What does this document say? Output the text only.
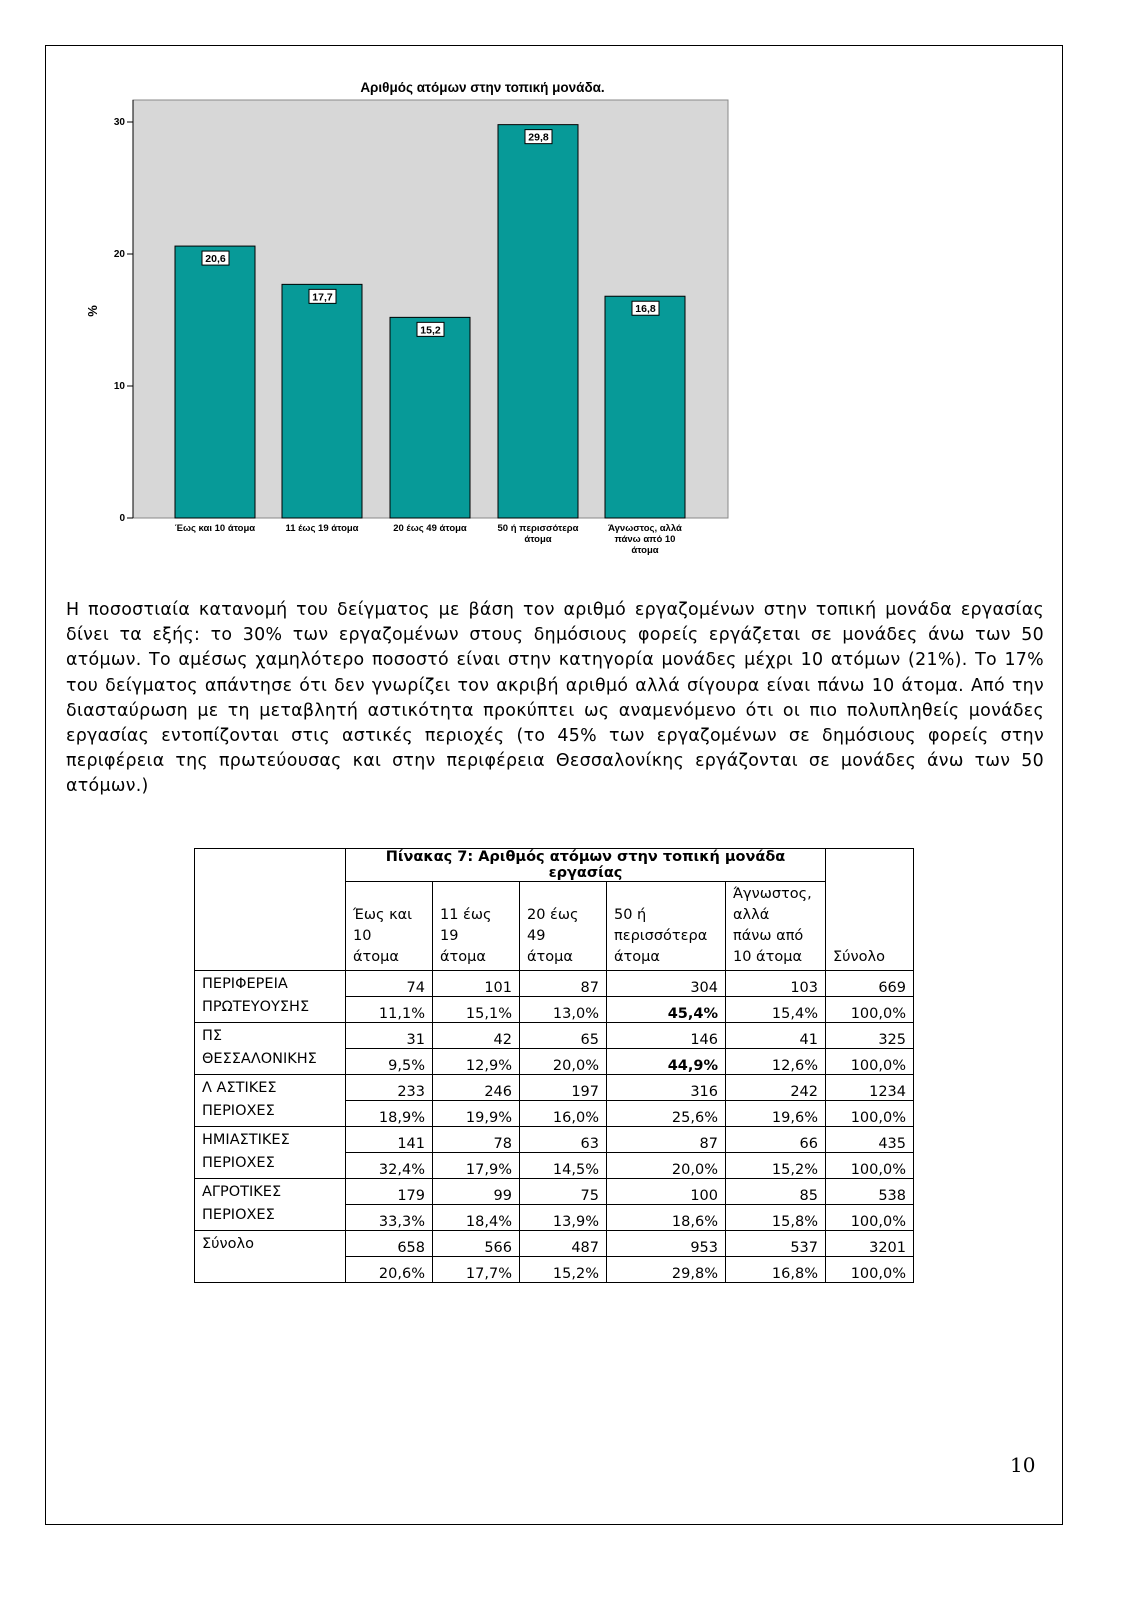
Αριθμός ατόμων στην τοπική μονάδα.
0
10
20
30
%
20,6
Έως και 10 άτομα
17,7
11 έως 19 άτομα
15,2
20 έως 49 άτομα
29,8
50 ή περισσότερα
άτομα
16,8
Άγνωστος, αλλά
πάνω από 10
άτομα
Η ποσοστιαία κατανομή του δείγματος με βάση τον αριθμό εργαζομένων στην τοπική μονάδα εργασίας δίνει τα εξής: το 30% των εργαζομένων στους δημόσιους φορείς εργάζεται σε μονάδες άνω των 50 ατόμων. Το αμέσως χαμηλότερο ποσοστό είναι στην κατηγορία μονάδες μέχρι 10 ατόμων (21%). Το 17% του δείγματος απάντησε ότι δεν γνωρίζει τον ακριβή αριθμό αλλά σίγουρα είναι πάνω 10 άτομα. Από την διασταύρωση με τη μεταβλητή αστικότητα προκύπτει ως αναμενόμενο ότι οι πιο πολυπληθείς μονάδες εργασίας εντοπίζονται στις αστικές περιοχές (το 45% των εργαζομένων σε δημόσιους φορείς στην περιφέρεια της πρωτεύουσας και στην περιφέρεια Θεσσαλονίκης εργάζονται σε μονάδες άνω των 50 ατόμων.)
	Πίνακας 7: Αριθμός ατόμων στην τοπική μονάδα εργασίας					Σύνολο
	Έως και
10
άτομα	11 έως
19
άτομα	20 έως
49
άτομα	50 ή
περισσότερα
άτομα	Άγνωστος,
αλλά
πάνω από
10 άτομα	
ΠΕΡΙΦΕΡΕΙΑ
ΠΡΩΤΕΥΟΥΣΗΣ	74	101	87	304	103	669
	11,1%	15,1%	13,0%	45,4%	15,4%	100,0%
ΠΣ
ΘΕΣΣΑΛΟΝΙΚΗΣ	31	42	65	146	41	325
	9,5%	12,9%	20,0%	44,9%	12,6%	100,0%
Λ ΑΣΤΙΚΕΣ
ΠΕΡΙΟΧΕΣ	233	246	197	316	242	1234
	18,9%	19,9%	16,0%	25,6%	19,6%	100,0%
ΗΜΙΑΣΤΙΚΕΣ
ΠΕΡΙΟΧΕΣ	141	78	63	87	66	435
	32,4%	17,9%	14,5%	20,0%	15,2%	100,0%
ΑΓΡΟΤΙΚΕΣ
ΠΕΡΙΟΧΕΣ	179	99	75	100	85	538
	33,3%	18,4%	13,9%	18,6%	15,8%	100,0%
Σύνολο	658	566	487	953	537	3201
	20,6%	17,7%	15,2%	29,8%	16,8%	100,0%
10
